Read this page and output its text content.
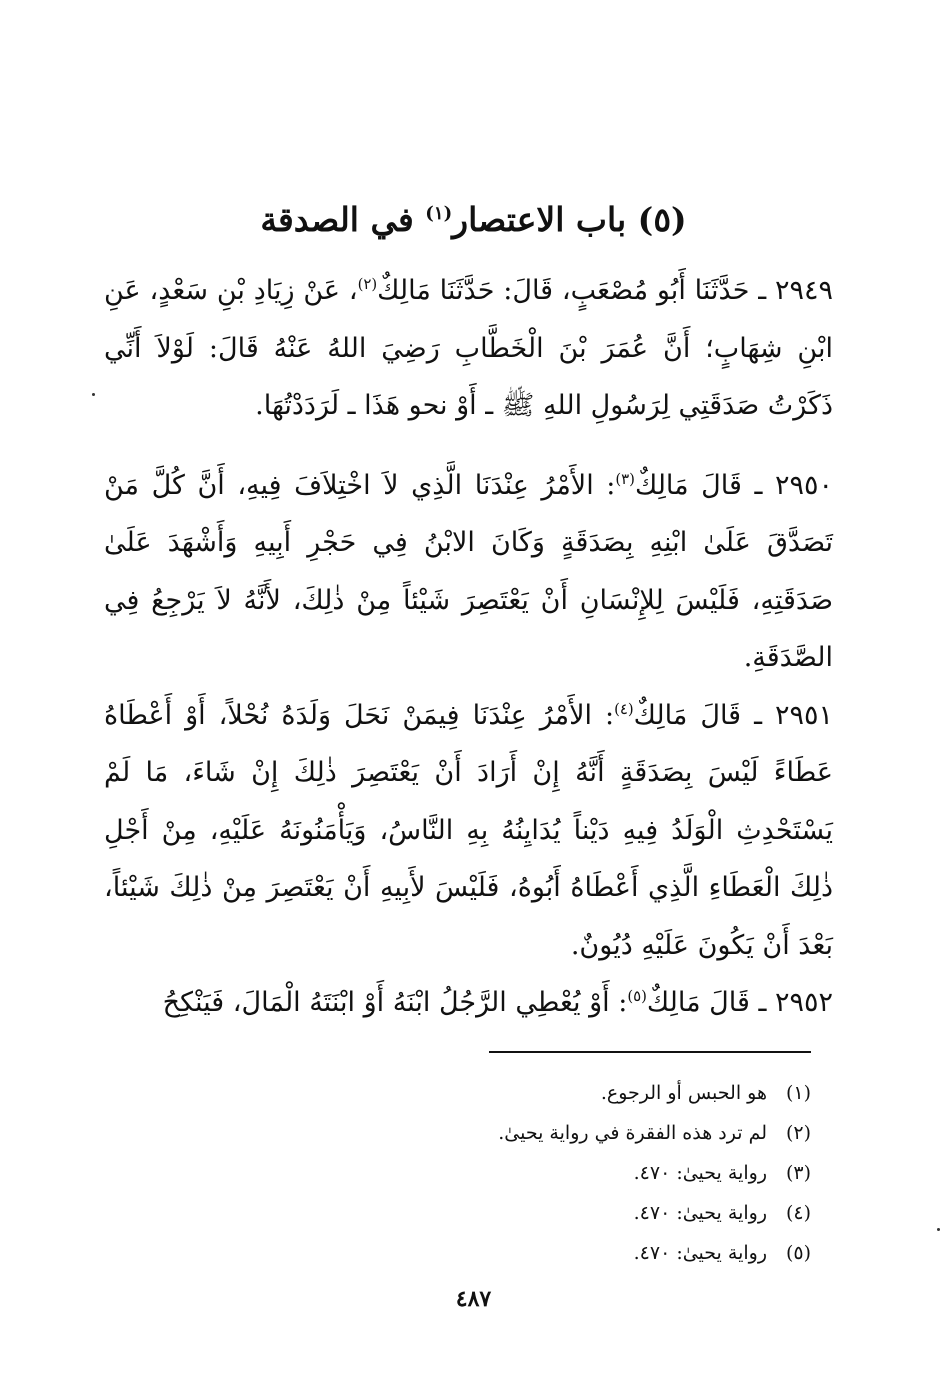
(٥) باب الاعتصار$^{(١)}$ في الصدقة

٢٩٤٩ ـ حَدَّثَنَا أَبُو مُصْعَبٍ، قَالَ: حَدَّثَنَا مَالِكٌ$^{(٢)}$، عَنْ زِيَادِ بْنِ سَعْدٍ، عَنِ ابْنِ شِهَابٍ؛ أَنَّ عُمَرَ بْنَ الْخَطَّابِ رَضِيَ اللهُ عَنْهُ قَالَ: لَوْلاَ أَنِّي ذَكَرْتُ صَدَقَتِي لِرَسُولِ اللهِ ﷺ ـ أَوْ نحو هَذَا ـ لَرَدَدْتُهَا.

٢٩٥٠ ـ قَالَ مَالِكٌ$^{(٣)}$: الأَمْرُ عِنْدَنَا الَّذِي لاَ اخْتِلاَفَ فِيهِ، أَنَّ كُلَّ مَنْ تَصَدَّقَ عَلَىٰ ابْنِهِ بِصَدَقَةٍ وَكَانَ الابْنُ فِي حَجْرِ أَبِيهِ وَأَشْهَدَ عَلَىٰ صَدَقَتِهِ، فَلَيْسَ لِلإِنْسَانِ أَنْ يَعْتَصِرَ شَيْئاً مِنْ ذٰلِكَ، لأَنَّهُ لاَ يَرْجِعُ فِي الصَّدَقَةِ.

٢٩٥١ ـ قَالَ مَالِكٌ$^{(٤)}$: الأَمْرُ عِنْدَنَا فِيمَنْ نَحَلَ وَلَدَهُ نُحْلاً، أَوْ أَعْطَاهُ عَطَاءً لَيْسَ بِصَدَقَةٍ أَنَّهُ إِنْ أَرَادَ أَنْ يَعْتَصِرَ ذٰلِكَ إِنْ شَاءَ، مَا لَمْ يَسْتَحْدِثِ الْوَلَدُ فِيهِ دَيْناً يُدَايِنُهُ بِهِ النَّاسُ، وَيَأْمَنُونَهُ عَلَيْهِ، مِنْ أَجْلِ ذٰلِكَ الْعَطَاءِ الَّذِي أَعْطَاهُ أَبُوهُ، فَلَيْسَ لأَبِيهِ أَنْ يَعْتَصِرَ مِنْ ذٰلِكَ شَيْئاً، بَعْدَ أَنْ يَكُونَ عَلَيْهِ دُيُونٌ.

٢٩٥٢ ـ قَالَ مَالِكٌ$^{(٥)}$: أَوْ يُعْطِي الرَّجُلُ ابْنَهُ أَوْ ابْنَتَهُ الْمَالَ، فَيَنْكِحُ

(١)
هو الحبس أو الرجوع.
(٢)
لم ترد هذه الفقرة في رواية يحيىٰ.
(٣)
رواية يحيىٰ: ٤٧٠.
(٤)
رواية يحيىٰ: ٤٧٠.
(٥)
رواية يحيىٰ: ٤٧٠.
٤٨٧
